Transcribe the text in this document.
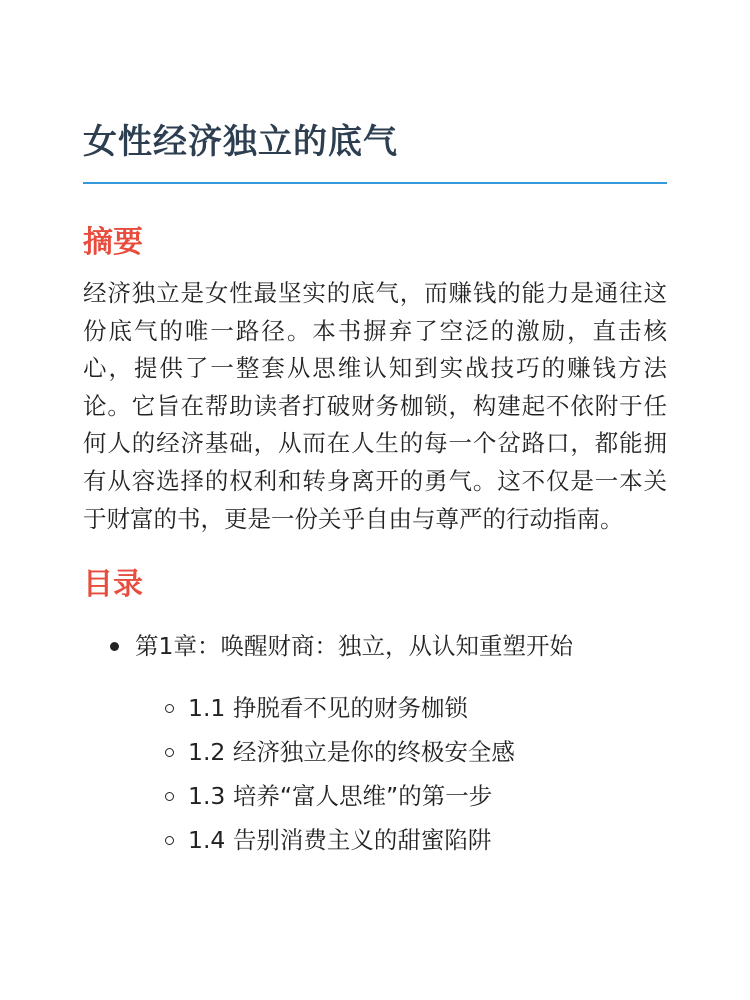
女性经济独立的底气
摘要

经济独立是女性最坚实的底气，而赚钱的能力是通往这份底气的唯一路径。本书摒弃了空泛的激励，直击核心，提供了一整套从思维认知到实战技巧的赚钱方法论。它旨在帮助读者打破财务枷锁，构建起不依附于任何人的经济基础，从而在人生的每一个岔路口，都能拥有从容选择的权利和转身离开的勇气。这不仅是一本关于财富的书，更是一份关乎自由与尊严的行动指南。

目录
第1章：唤醒财商：独立，从认知重塑开始
1.1 挣脱看不见的财务枷锁
1.2 经济独立是你的终极安全感
1.3 培养“富人思维”的第一步
1.4 告别消费主义的甜蜜陷阱
